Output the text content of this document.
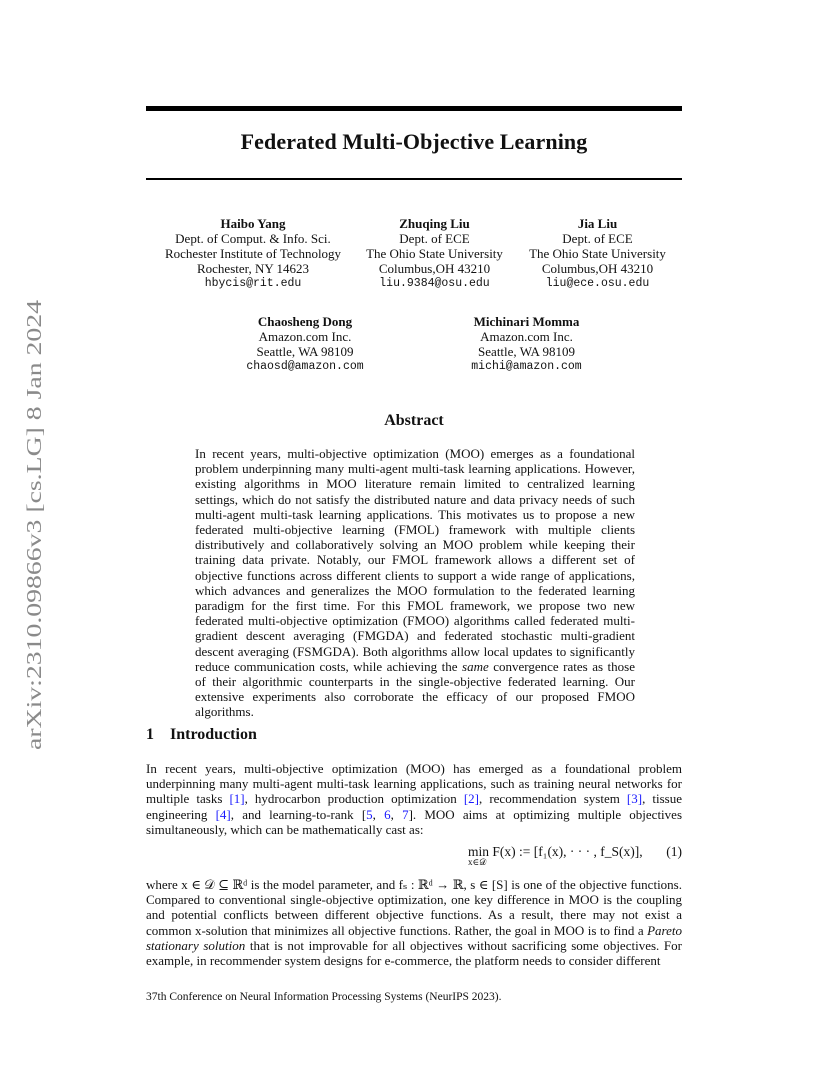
arXiv:2310.09866v3 [cs.LG] 8 Jan 2024
Federated Multi-Objective Learning
Haibo Yang
Dept. of Comput. & Info. Sci.
Rochester Institute of Technology
Rochester, NY 14623
hbycis@rit.edu
Zhuqing Liu
Dept. of ECE
The Ohio State University
Columbus,OH 43210
liu.9384@osu.edu
Jia Liu
Dept. of ECE
The Ohio State University
Columbus,OH 43210
liu@ece.osu.edu
Chaosheng Dong
Amazon.com Inc.
Seattle, WA 98109
chaosd@amazon.com
Michinari Momma
Amazon.com Inc.
Seattle, WA 98109
michi@amazon.com
Abstract

In recent years, multi-objective optimization (MOO) emerges as a foundational problem underpinning many multi-agent multi-task learning applications. However, existing algorithms in MOO literature remain limited to centralized learning settings, which do not satisfy the distributed nature and data privacy needs of such multi-agent multi-task learning applications. This motivates us to propose a new federated multi-objective learning (FMOL) framework with multiple clients distributively and collaboratively solving an MOO problem while keeping their training data private. Notably, our FMOL framework allows a different set of objective functions across different clients to support a wide range of applications, which advances and generalizes the MOO formulation to the federated learning paradigm for the first time. For this FMOL framework, we propose two new federated multi-objective optimization (FMOO) algorithms called federated multi-gradient descent averaging (FMGDA) and federated stochastic multi-gradient descent averaging (FSMGDA). Both algorithms allow local updates to significantly reduce communication costs, while achieving the same convergence rates as those of their algorithmic counterparts in the single-objective federated learning. Our extensive experiments also corroborate the efficacy of our proposed FMOO algorithms.

1 Introduction

In recent years, multi-objective optimization (MOO) has emerged as a foundational problem underpinning many multi-agent multi-task learning applications, such as training neural networks for multiple tasks [1], hydrocarbon production optimization [2], recommendation system [3], tissue engineering [4], and learning-to-rank [5, 6, 7]. MOO aims at optimizing multiple objectives simultaneously, which can be mathematically cast as:

min F(x) := [f₁(x), · · · , f_S(x)],
x∈𝒟
(1)

where x ∈ 𝒟 ⊆ ℝᵈ is the model parameter, and fₛ : ℝᵈ → ℝ, s ∈ [S] is one of the objective functions. Compared to conventional single-objective optimization, one key difference in MOO is the coupling and potential conflicts between different objective functions. As a result, there may not exist a common x-solution that minimizes all objective functions. Rather, the goal in MOO is to find a Pareto stationary solution that is not improvable for all objectives without sacrificing some objectives. For example, in recommender system designs for e-commerce, the platform needs to consider different

37th Conference on Neural Information Processing Systems (NeurIPS 2023).
